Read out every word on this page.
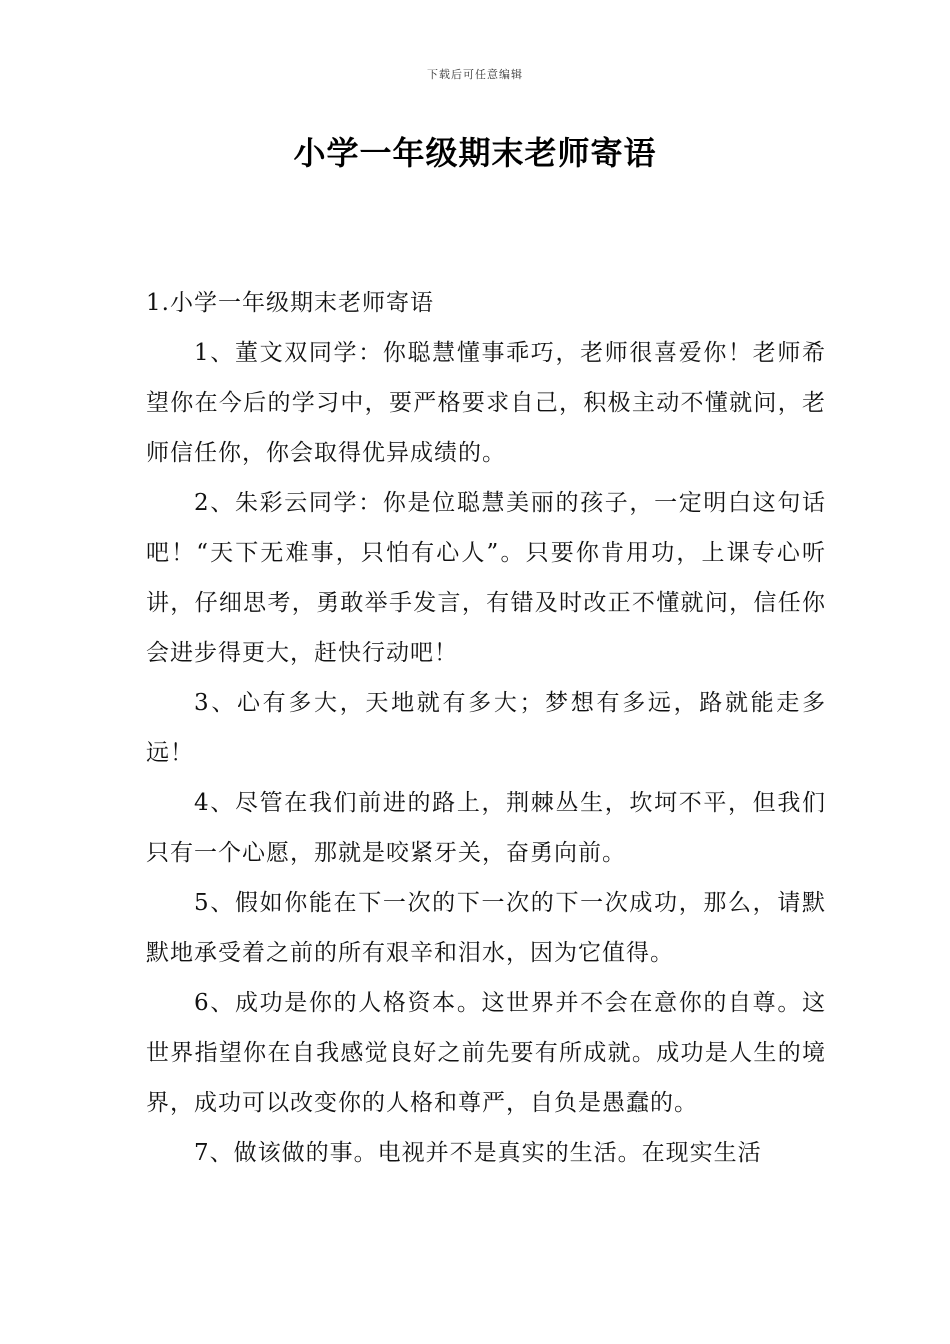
下载后可任意编辑
小学一年级期末老师寄语

1.小学一年级期末老师寄语

1、董文双同学：你聪慧懂事乖巧，老师很喜爱你！老师希望你在今后的学习中，要严格要求自己，积极主动不懂就问，老师信任你，你会取得优异成绩的。

2、朱彩云同学：你是位聪慧美丽的孩子，一定明白这句话吧！“天下无难事，只怕有心人”。只要你肯用功，上课专心听讲，仔细思考，勇敢举手发言，有错及时改正不懂就问，信任你会进步得更大，赶快行动吧！

3、心有多大，天地就有多大；梦想有多远，路就能走多远！

4、尽管在我们前进的路上，荆棘丛生，坎坷不平，但我们只有一个心愿，那就是咬紧牙关，奋勇向前。

5、假如你能在下一次的下一次的下一次成功，那么，请默默地承受着之前的所有艰辛和泪水，因为它值得。

6、成功是你的人格资本。这世界并不会在意你的自尊。这世界指望你在自我感觉良好之前先要有所成就。成功是人生的境界，成功可以改变你的人格和尊严，自负是愚蠢的。

7、做该做的事。电视并不是真实的生活。在现实生活
